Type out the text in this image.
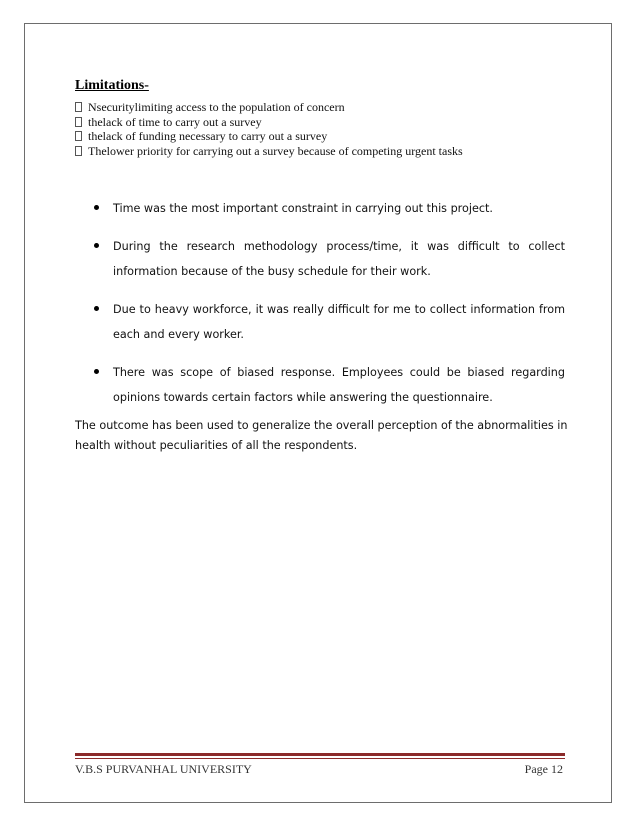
Limitations-
Nsecuritylimiting access to the population of concern
thelack of time to carry out a survey
thelack of funding necessary to carry out a survey
Thelower priority for carrying out a survey because of competing urgent tasks
Time was the most important constraint in carrying out this project.
During the research methodology process/time, it was difficult to collect information because of the busy schedule for their work.
Due to heavy workforce, it was really difficult for me to collect information from each and every worker.
There was scope of biased response. Employees could be biased regarding opinions towards certain factors while answering the questionnaire.

The outcome has been used to generalize the overall perception of the abnormalities in health without peculiarities of all the respondents.

V.B.S PURVANHAL UNIVERSITY	Page 12
